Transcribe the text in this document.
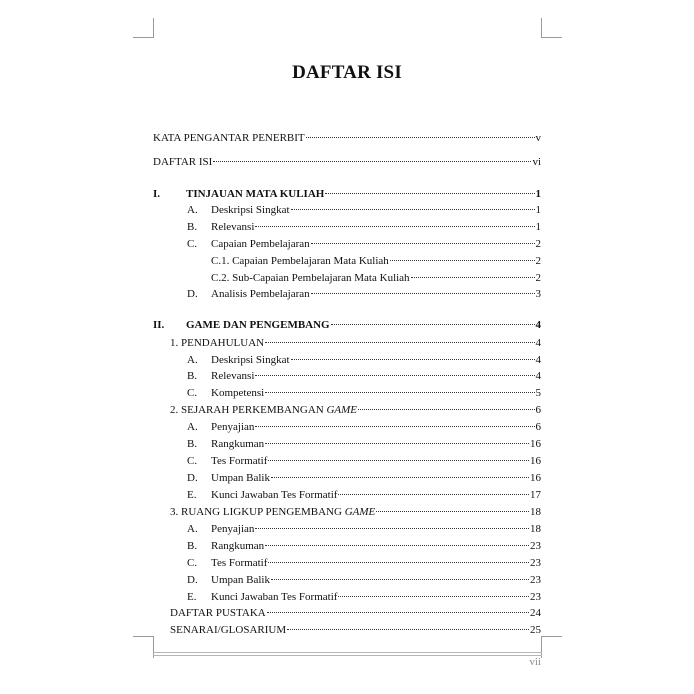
DAFTAR ISI
KATA PENGANTAR PENERBIT	v
DAFTAR ISI	vi
I. TINJAUAN MATA KULIAH	1
A. Deskripsi Singkat	1
B. Relevansi	1
C. Capaian Pembelajaran	2
C.1. Capaian Pembelajaran Mata Kuliah	2
C.2. Sub-Capaian Pembelajaran Mata Kuliah	2
D. Analisis Pembelajaran	3
II. GAME DAN PENGEMBANG	4
1. PENDAHULUAN	4
A. Deskripsi Singkat	4
B. Relevansi	4
C. Kompetensi	5
2. SEJARAH PERKEMBANGAN GAME	6
A. Penyajian	6
B. Rangkuman	16
C. Tes Formatif	16
D. Umpan Balik	16
E. Kunci Jawaban Tes Formatif	17
3. RUANG LIGKUP PENGEMBANG GAME	18
A. Penyajian	18
B. Rangkuman	23
C. Tes Formatif	23
D. Umpan Balik	23
E. Kunci Jawaban Tes Formatif	23
DAFTAR PUSTAKA	24
SENARAI/GLOSARIUM	25
vii
